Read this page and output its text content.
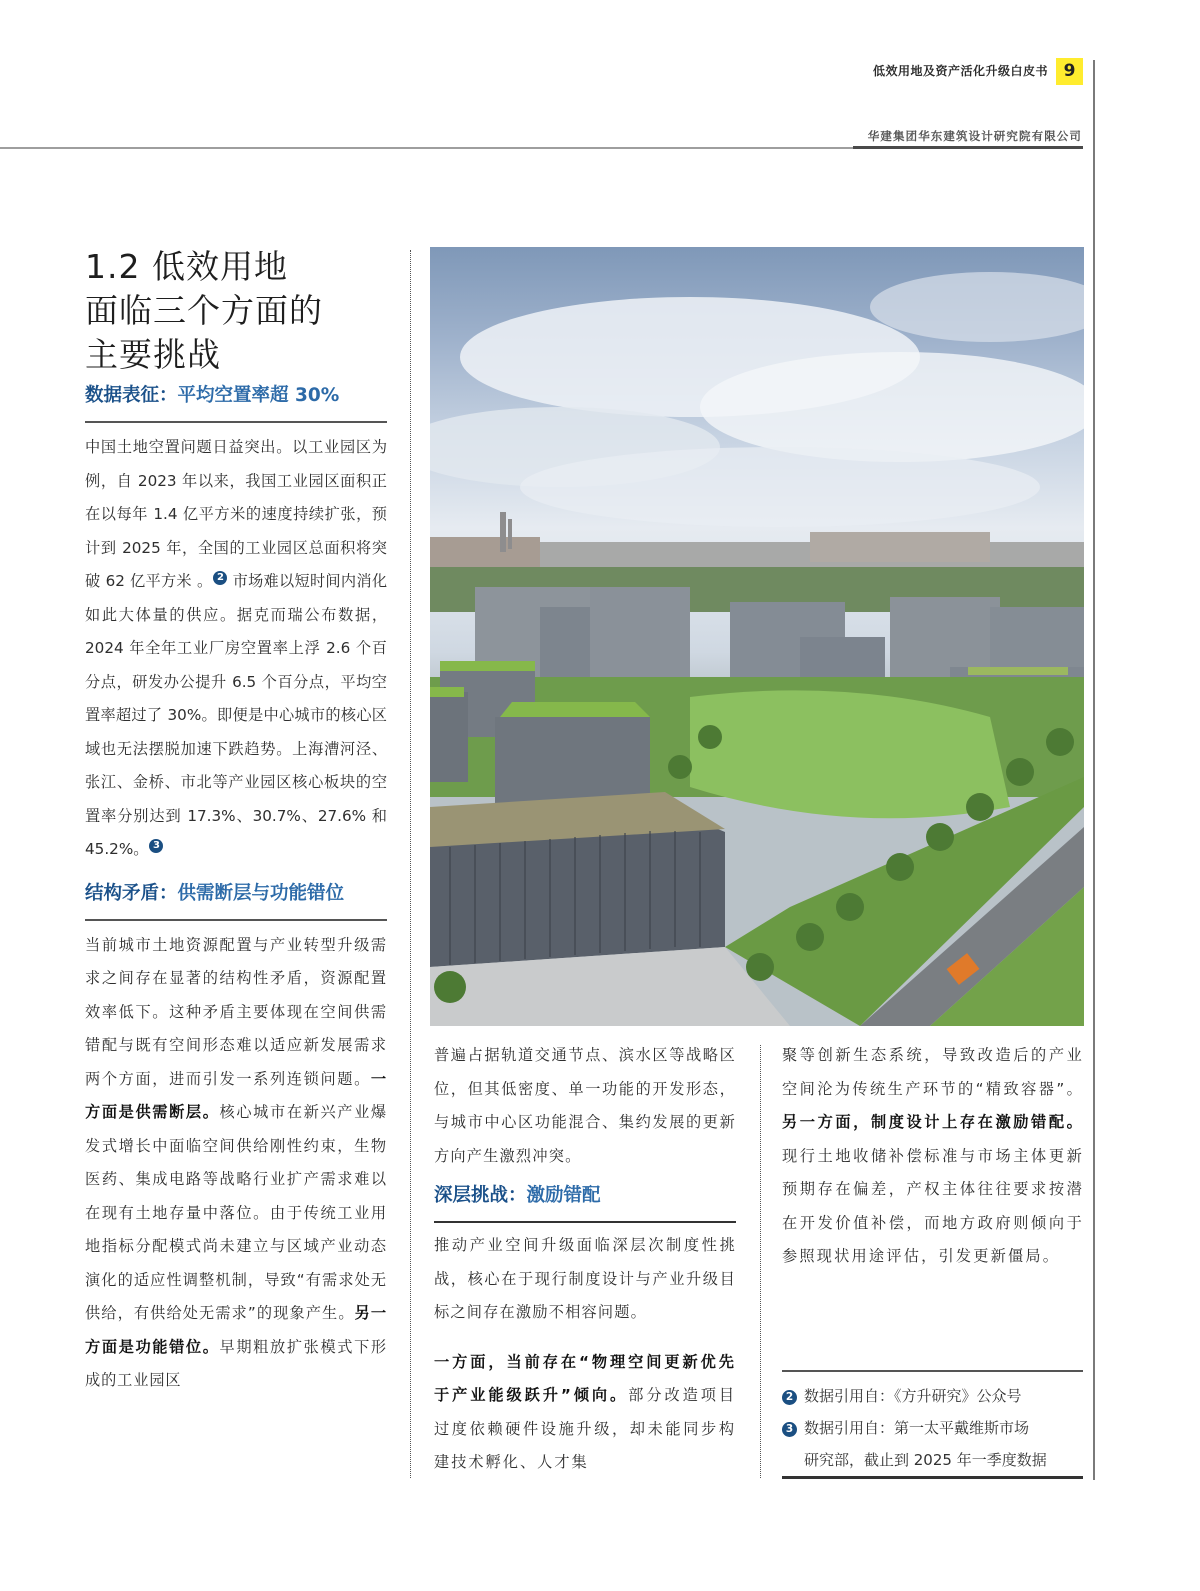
低效用地及资产活化升级白皮书 9
华建集团华东建筑设计研究院有限公司
1.2 低效用地
面临三个方面的
主要挑战
数据表征：平均空置率超 30%

中国土地空置问题日益突出。以工业园区为例，自 2023 年以来，我国工业园区面积正在以每年 1.4 亿平方米的速度持续扩张，预计到 2025 年，全国的工业园区总面积将突破 62 亿平方米 。 2 市场难以短时间内消化如此大体量的供应。据克而瑞公布数据，2024 年全年工业厂房空置率上浮 2.6 个百分点，研发办公提升 6.5 个百分点，平均空置率超过了 30%。即便是中心城市的核心区域也无法摆脱加速下跌趋势。上海漕河泾、张江、金桥、市北等产业园区核心板块的空置率分别达到 17.3%、30.7%、27.6% 和 45.2%。 3

结构矛盾：供需断层与功能错位

当前城市土地资源配置与产业转型升级需求之间存在显著的结构性矛盾，资源配置效率低下。这种矛盾主要体现在空间供需错配与既有空间形态难以适应新发展需求两个方面，进而引发一系列连锁问题。一方面是供需断层。核心城市在新兴产业爆发式增长中面临空间供给刚性约束，生物医药、集成电路等战略行业扩产需求难以在现有土地存量中落位。由于传统工业用地指标分配模式尚未建立与区域产业动态演化的适应性调整机制，导致“有需求处无供给，有供给处无需求”的现象产生。另一方面是功能错位。早期粗放扩张模式下形成的工业园区

普遍占据轨道交通节点、滨水区等战略区位，但其低密度、单一功能的开发形态，与城市中心区功能混合、集约发展的更新方向产生激烈冲突。

深层挑战：激励错配

推动产业空间升级面临深层次制度性挑战，核心在于现行制度设计与产业升级目标之间存在激励不相容问题。

一方面，当前存在“物理空间更新优先于产业能级跃升”倾向。部分改造项目过度依赖硬件设施升级，却未能同步构建技术孵化、人才集

聚等创新生态系统，导致改造后的产业空间沦为传统生产环节的“精致容器”。另一方面，制度设计上存在激励错配。现行土地收储补偿标准与市场主体更新预期存在偏差，产权主体往往要求按潜在开发价值补偿，而地方政府则倾向于参照现状用途评估，引发更新僵局。

2 数据引用自：《方升研究》公众号
3 数据引用自：第一太平戴维斯市场
研究部，截止到 2025 年一季度数据
